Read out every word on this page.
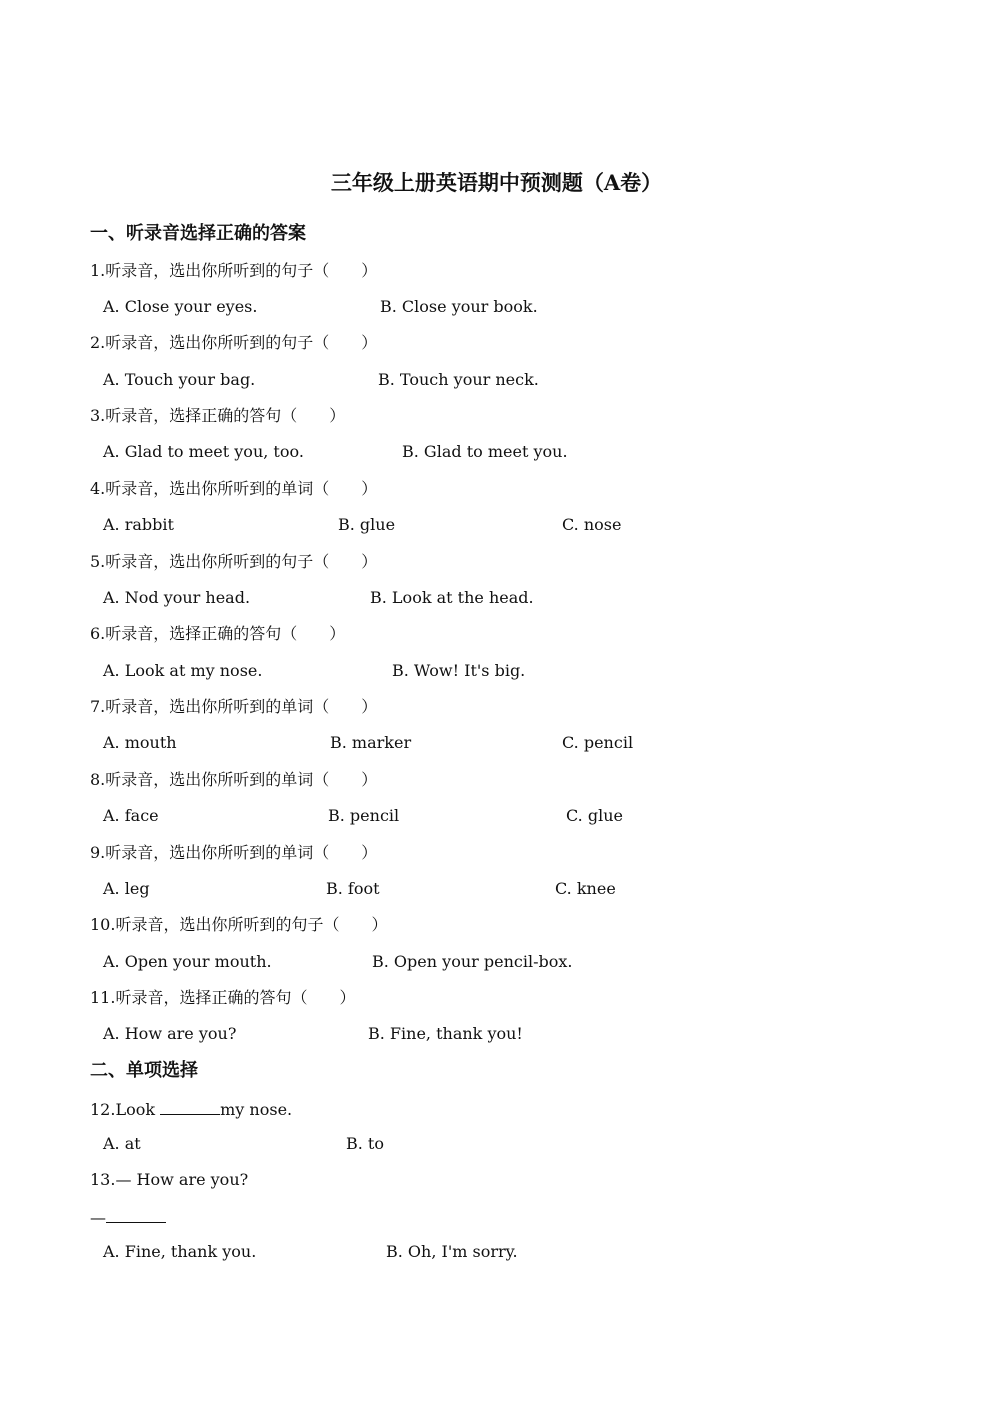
三年级上册英语期中预测题（A卷）
一、听录音选择正确的答案
1.听录音，选出你所听到的句子（　　）
A. Close your eyes.	B. Close your book.
2.听录音，选出你所听到的句子（　　）
A. Touch your bag.	B. Touch your neck.
3.听录音，选择正确的答句（　　）
A. Glad to meet you, too.	B. Glad to meet you.
4.听录音，选出你所听到的单词（　　）
A. rabbit	B. glue	C. nose
5.听录音，选出你所听到的句子（　　）
A. Nod your head.	B. Look at the head.
6.听录音，选择正确的答句（　　）
A. Look at my nose.	B. Wow! It's big.
7.听录音，选出你所听到的单词（　　）
A. mouth	B. marker	C. pencil
8.听录音，选出你所听到的单词（　　）
A. face	B. pencil	C. glue
9.听录音，选出你所听到的单词（　　）
A. leg	B. foot	C. knee
10.听录音，选出你所听到的句子（　　）
A. Open your mouth.	B. Open your pencil-box.
11.听录音，选择正确的答句（　　）
A. How are you?	B. Fine, thank you!
二、单项选择
12.Look	my nose.
A. at	B. to
13.— How are you?
—
A. Fine, thank you.	B. Oh, I'm sorry.
